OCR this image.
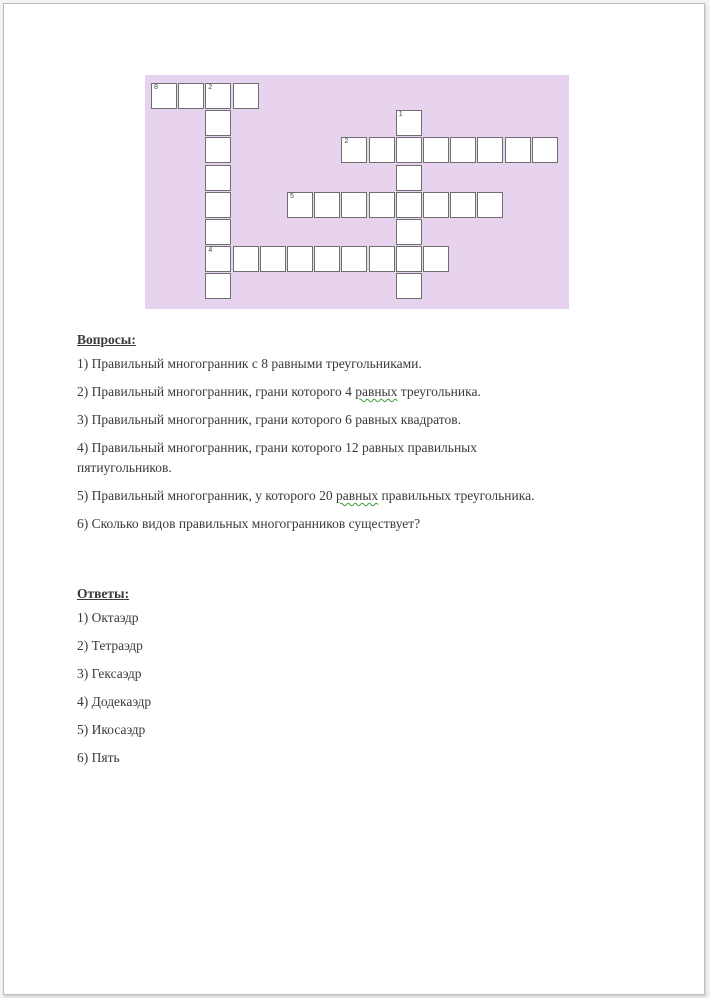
8	2
4
1
2
5
Вопросы:
1) Правильный многогранник с 8 равными треугольниками.
2) Правильный многогранник, грани которого 4 равных треугольника.
3) Правильный многогранник, грани которого 6 равных квадратов.
4) Правильный многогранник, грани которого 12 равных правильных пятиугольников.
5) Правильный многогранник, у которого 20 равных правильных треугольника.
6) Сколько видов правильных многогранников существует?
Ответы:
1) Октаэдр
2) Тетраэдр
3) Гексаэдр
4) Додекаэдр
5) Икосаэдр
6) Пять
